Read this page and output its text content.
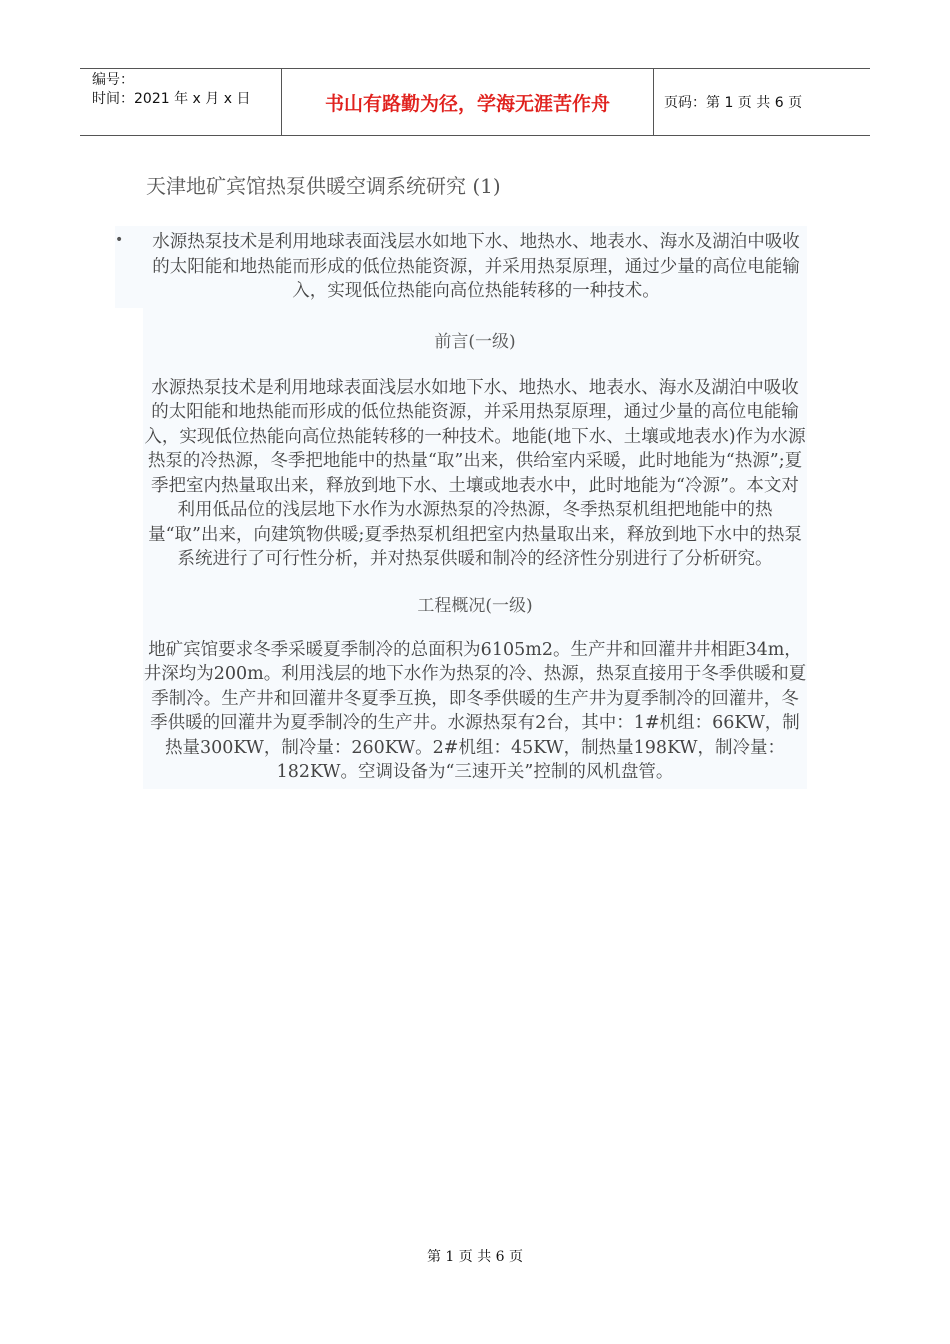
编号：
时间：2021 年 x 月 x 日	书山有路勤为径，学海无涯苦作舟	页码：第 1 页 共 6 页
天津地矿宾馆热泵供暖空调系统研究 (1)
•	水源热泵技术是利用地球表面浅层水如地下水、地热水、地表水、海水及湖泊中吸收的太阳能和地热能而形成的低位热能资源，并采用热泵原理，通过少量的高位电能输入，实现低位热能向高位热能转移的一种技术。

前言(一级)

水源热泵技术是利用地球表面浅层水如地下水、地热水、地表水、海水及湖泊中吸收的太阳能和地热能而形成的低位热能资源，并采用热泵原理，通过少量的高位电能输入，实现低位热能向高位热能转移的一种技术。地能(地下水、土壤或地表水)作为水源热泵的冷热源，冬季把地能中的热量“取”出来，供给室内采暖，此时地能为“热源”;夏季把室内热量取出来，释放到地下水、土壤或地表水中，此时地能为“冷源”。本文对利用低品位的浅层地下水作为水源热泵的冷热源，冬季热泵机组把地能中的热量“取”出来，向建筑物供暖;夏季热泵机组把室内热量取出来，释放到地下水中的热泵系统进行了可行性分析，并对热泵供暖和制冷的经济性分别进行了分析研究。

工程概况(一级)

地矿宾馆要求冬季采暖夏季制冷的总面积为6105m2。生产井和回灌井井相距34m，井深均为200m。利用浅层的地下水作为热泵的冷、热源，热泵直接用于冬季供暖和夏季制冷。生产井和回灌井冬夏季互换，即冬季供暖的生产井为夏季制冷的回灌井，冬季供暖的回灌井为夏季制冷的生产井。水源热泵有2台，其中：1#机组：66KW，制热量300KW，制冷量：260KW。2#机组：45KW，制热量198KW，制冷量：182KW。空调设备为“三速开关”控制的风机盘管。

第 1 页 共 6 页
